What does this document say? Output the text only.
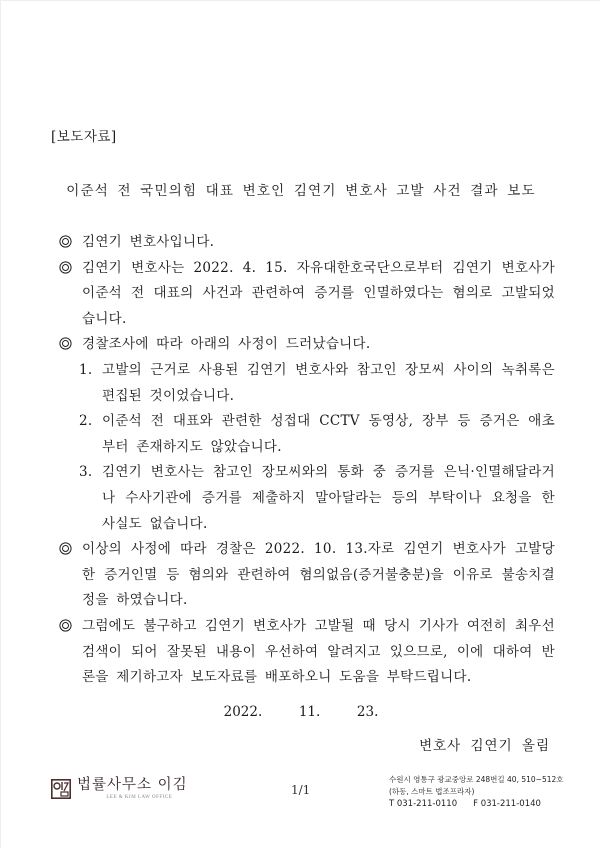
[보도자료]
이준석 전 국민의힘 대표 변호인 김연기 변호사 고발 사건 결과 보도
김연기 변호사입니다.
김연기 변호사는 2022. 4. 15. 자유대한호국단으로부터 김연기 변호사가 이준석 전 대표의 사건과 관련하여 증거를 인멸하였다는 혐의로 고발되었습니다.
경찰조사에 따라 아래의 사정이 드러났습니다.
1. 고발의 근거로 사용된 김연기 변호사와 참고인 장모씨 사이의 녹취록은 편집된 것이었습니다.
2. 이준석 전 대표와 관련한 성접대 CCTV 동영상, 장부 등 증거은 애초부터 존재하지도 않았습니다.
3. 김연기 변호사는 참고인 장모씨와의 통화 중 증거를 은닉·인멸해달라거나 수사기관에 증거를 제출하지 말아달라는 등의 부탁이나 요청을 한 사실도 없습니다.
이상의 사정에 따라 경찰은 2022. 10. 13.자로 김연기 변호사가 고발당한 증거인멸 등 혐의와 관련하여 혐의없음(증거불충분)을 이유로 불송치결정을 하였습니다.
그럼에도 불구하고 김연기 변호사가 고발될 때 당시 기사가 여전히 최우선 검색이 되어 잘못된 내용이 우선하여 알려지고 있으므로, 이에 대하여 반론을 제기하고자 보도자료를 배포하오니 도움을 부탁드립니다.
2022.  11.  23.
변호사 김연기 올림
법률사무소 이김
LEE & KIM LAW OFFICE
1/1
수원시 영통구 광교중앙로 248번길 40, 510~512호
(하동, 스마트 법조프라자)
T 031-211-0110 F 031-211-0140
